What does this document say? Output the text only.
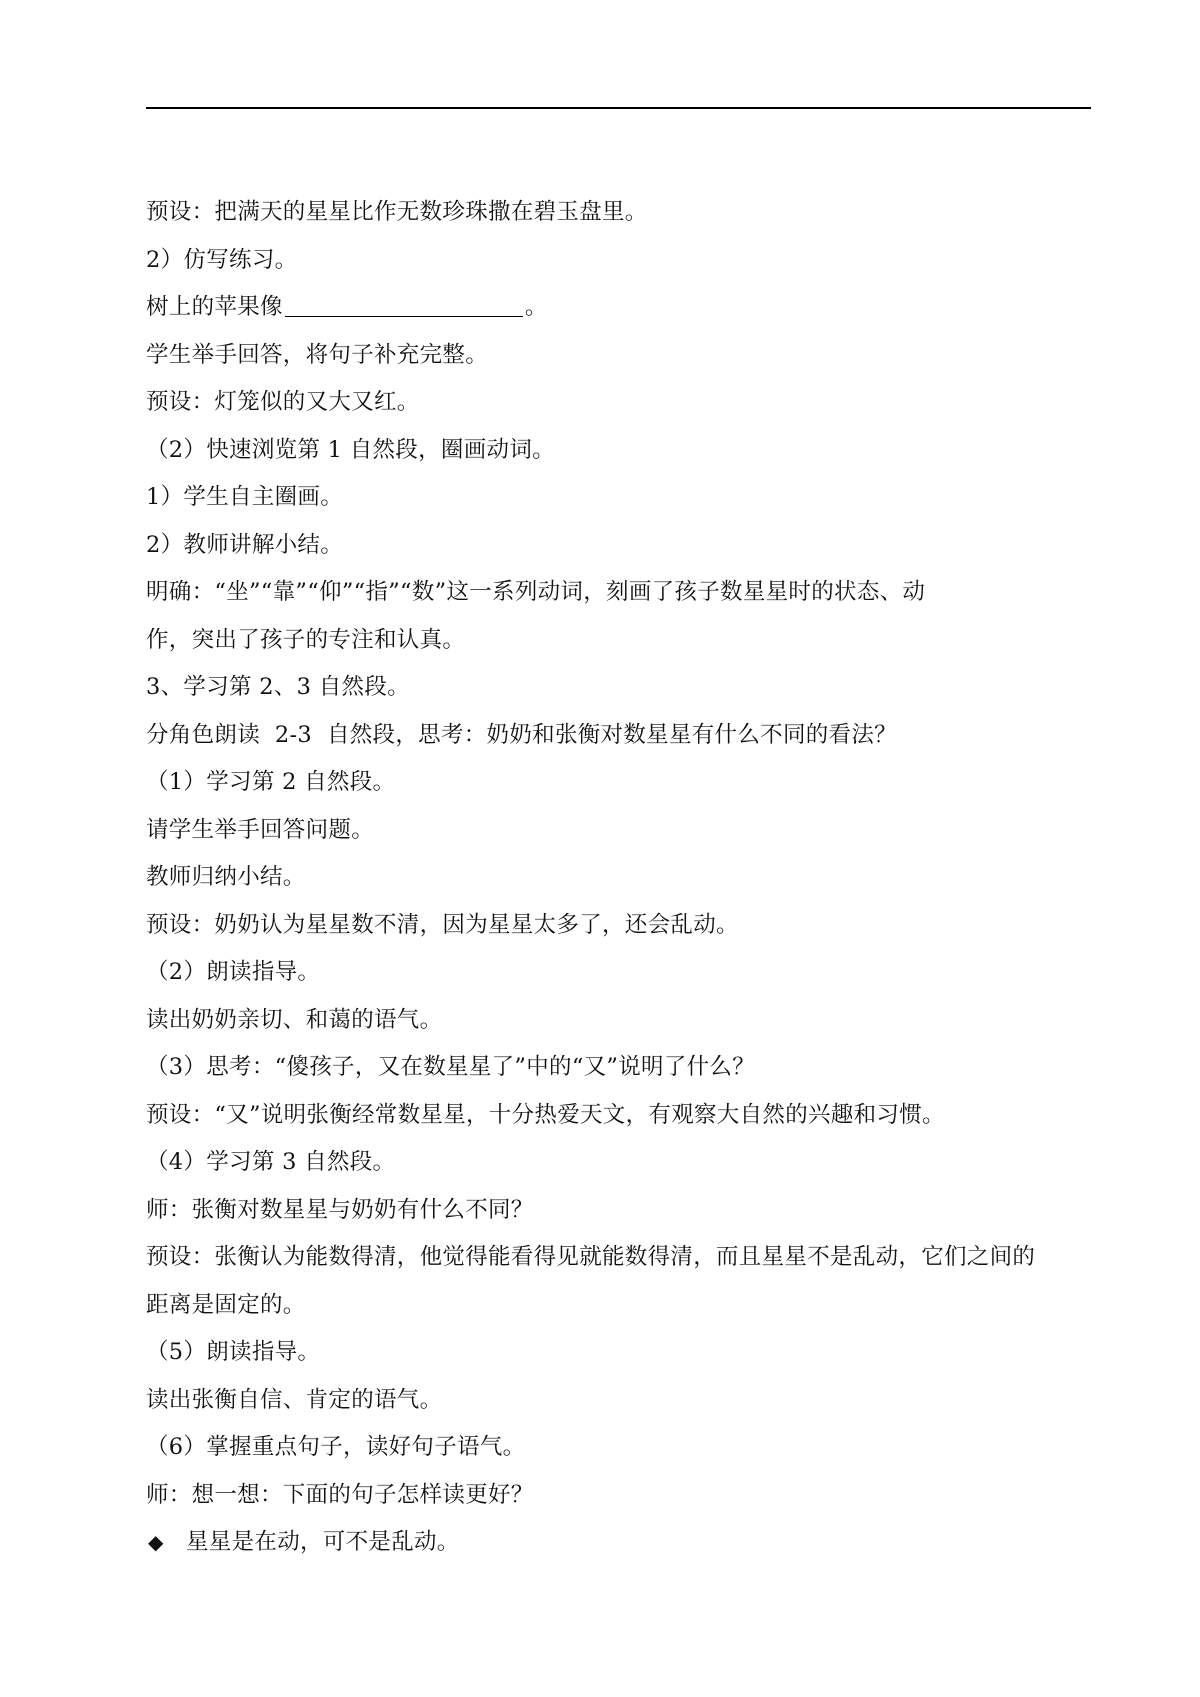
预设：把满天的星星比作无数珍珠撒在碧玉盘里。
2）仿写练习。
树上的苹果像	。
学生举手回答，将句子补充完整。
预设：灯笼似的又大又红。
（2）快速浏览第 1 自然段，圈画动词。
1）学生自主圈画。
2）教师讲解小结。
明确：“坐”“靠”“仰”“指”“数”这一系列动词，刻画了孩子数星星时的状态、动
作，突出了孩子的专注和认真。
3、学习第 2、3 自然段。
分角色朗读  2-3  自然段，思考：奶奶和张衡对数星星有什么不同的看法？
（1）学习第 2 自然段。
请学生举手回答问题。
教师归纳小结。
预设：奶奶认为星星数不清，因为星星太多了，还会乱动。
（2）朗读指导。
读出奶奶亲切、和蔼的语气。
（3）思考：“傻孩子，又在数星星了”中的“又”说明了什么？
预设：“又”说明张衡经常数星星，十分热爱天文，有观察大自然的兴趣和习惯。
（4）学习第 3 自然段。
师：张衡对数星星与奶奶有什么不同？
预设：张衡认为能数得清，他觉得能看得见就能数得清，而且星星不是乱动，它们之间的
距离是固定的。
（5）朗读指导。
读出张衡自信、肯定的语气。
（6）掌握重点句子，读好句子语气。
师：想一想：下面的句子怎样读更好？
◆ 星星是在动，可不是乱动。
